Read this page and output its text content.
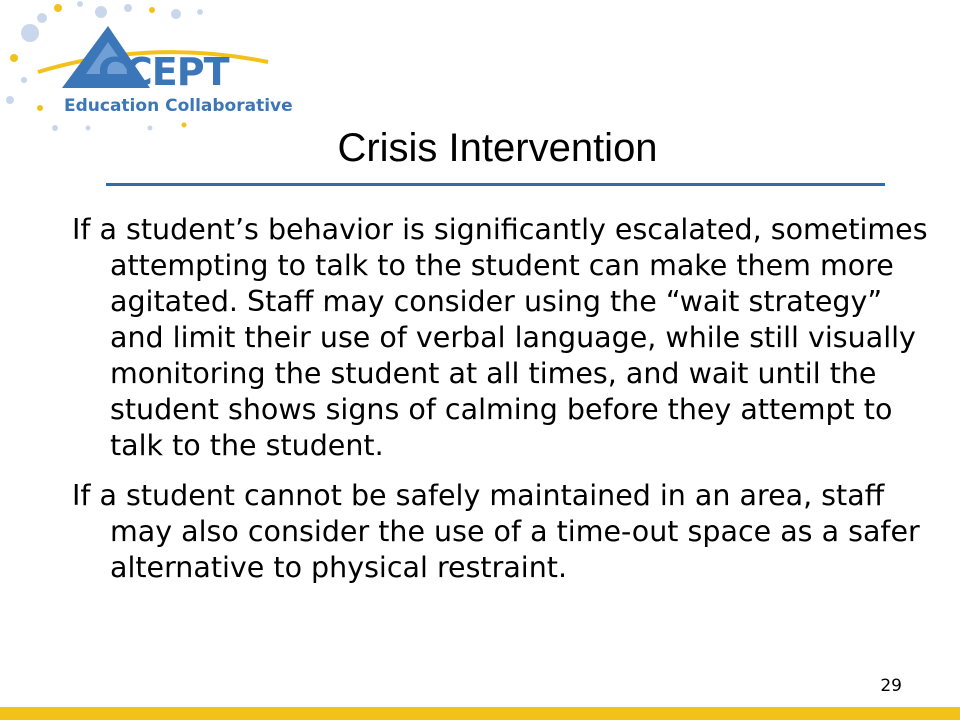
CCEPT
Education Collaborative
Crisis Intervention

If a student’s behavior is significantly escalated, sometimes attempting to talk to the student can make them more agitated. Staff may consider using the “wait strategy” and limit their use of verbal language, while still visually monitoring the student at all times, and wait until the student shows signs of calming before they attempt to talk to the student.

If a student cannot be safely maintained in an area, staff may also consider the use of a time-out space as a safer alternative to physical restraint.

29
